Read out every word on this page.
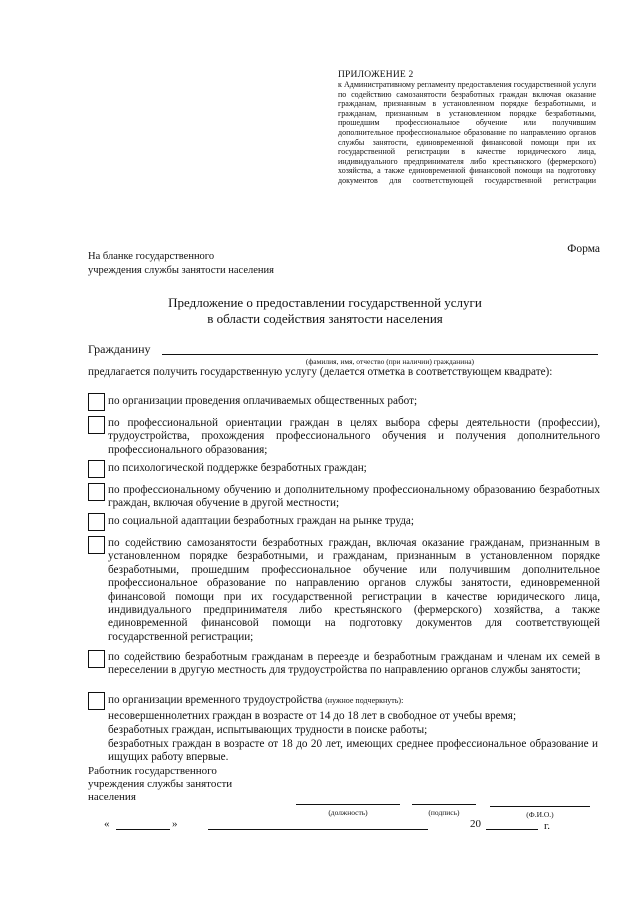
ПРИЛОЖЕНИЕ 2
к Административному регламенту предоставления государственной услуги по содействию самозанятости безработных граждан включая оказание гражданам, признанным в установленном порядке безработными, и гражданам, признанным в установленном порядке безработными, прошедшим профессиональное обучение или получившим дополнительное профессиональное образование по направлению органов службы занятости, единовременной финансовой помощи при их государственной регистрации в качестве юридического лица, индивидуального предпринимателя либо крестьянского (фермерского) хозяйства, а также единовременной финансовой помощи на подготовку документов для соответствующей государственной регистрации
Форма
На бланке государственного
учреждения службы занятости населения
Предложение о предоставлении государственной услуги
в области содействия занятости населения
Гражданину
(фамилия, имя, отчество (при наличии) гражданина)
предлагается получить государственную услугу (делается отметка в соответствующем квадрате):
по организации проведения оплачиваемых общественных работ;
по профессиональной ориентации граждан в целях выбора сферы деятельности (профессии), трудоустройства, прохождения профессионального обучения и получения дополнительного профессионального образования;
по психологической поддержке безработных граждан;
по профессиональному обучению и дополнительному профессиональному образованию безработных граждан, включая обучение в другой местности;
по социальной адаптации безработных граждан на рынке труда;
по содействию самозанятости безработных граждан, включая оказание гражданам, признанным в установленном порядке безработными, и гражданам, признанным в установленном порядке безработными, прошедшим профессиональное обучение или получившим дополнительное профессиональное образование по направлению органов службы занятости, единовременной финансовой помощи при их государственной регистрации в качестве юридического лица, индивидуального предпринимателя либо крестьянского (фермерского) хозяйства, а также единовременной финансовой помощи на подготовку документов для соответствующей государственной регистрации;
по содействию безработным гражданам в переезде и безработным гражданам и членам их семей в переселении в другую местность для трудоустройства по направлению органов службы занятости;
по организации временного трудоустройства (нужное подчеркнуть):
несовершеннолетних граждан в возрасте от 14 до 18 лет в свободное от учебы время;
безработных граждан, испытывающих трудности в поиске работы;
безработных граждан в возрасте от 18 до 20 лет, имеющих среднее профессиональное образование и ищущих работу впервые.
Работник государственного
учреждения службы занятости
населения
(должность)	(подпись)	(Ф.И.О.)
«	»	20	г.
